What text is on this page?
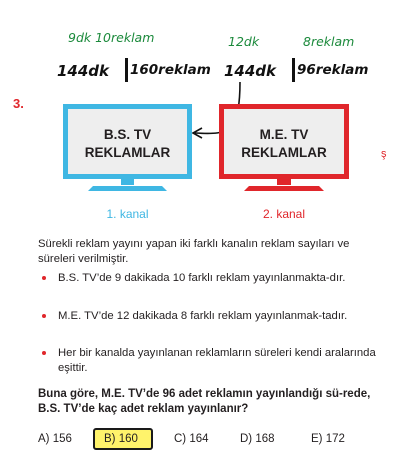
9dk 10reklam	12dk	8reklam
144dk 160reklam 144dk 96reklam
3.
B.S. TV
REKLAMLAR
1. kanal
M.E. TV
REKLAMLAR
2. kanal
ş
Sürekli reklam yayını yapan iki farklı kanalın reklam sayıları ve süreleri verilmiştir.
B.S. TV’de 9 dakikada 10 farklı reklam yayınlanmakta-dır.
M.E. TV’de 12 dakikada 8 farklı reklam yayınlanmak-tadır.
Her bir kanalda yayınlanan reklamların süreleri kendi aralarında eşittir.
Buna göre, M.E. TV’de 96 adet reklamın yayınlandığı sü-rede, B.S. TV’de kaç adet reklam yayınlanır?
A) 156	B) 160	C) 164	D) 168	E) 172
